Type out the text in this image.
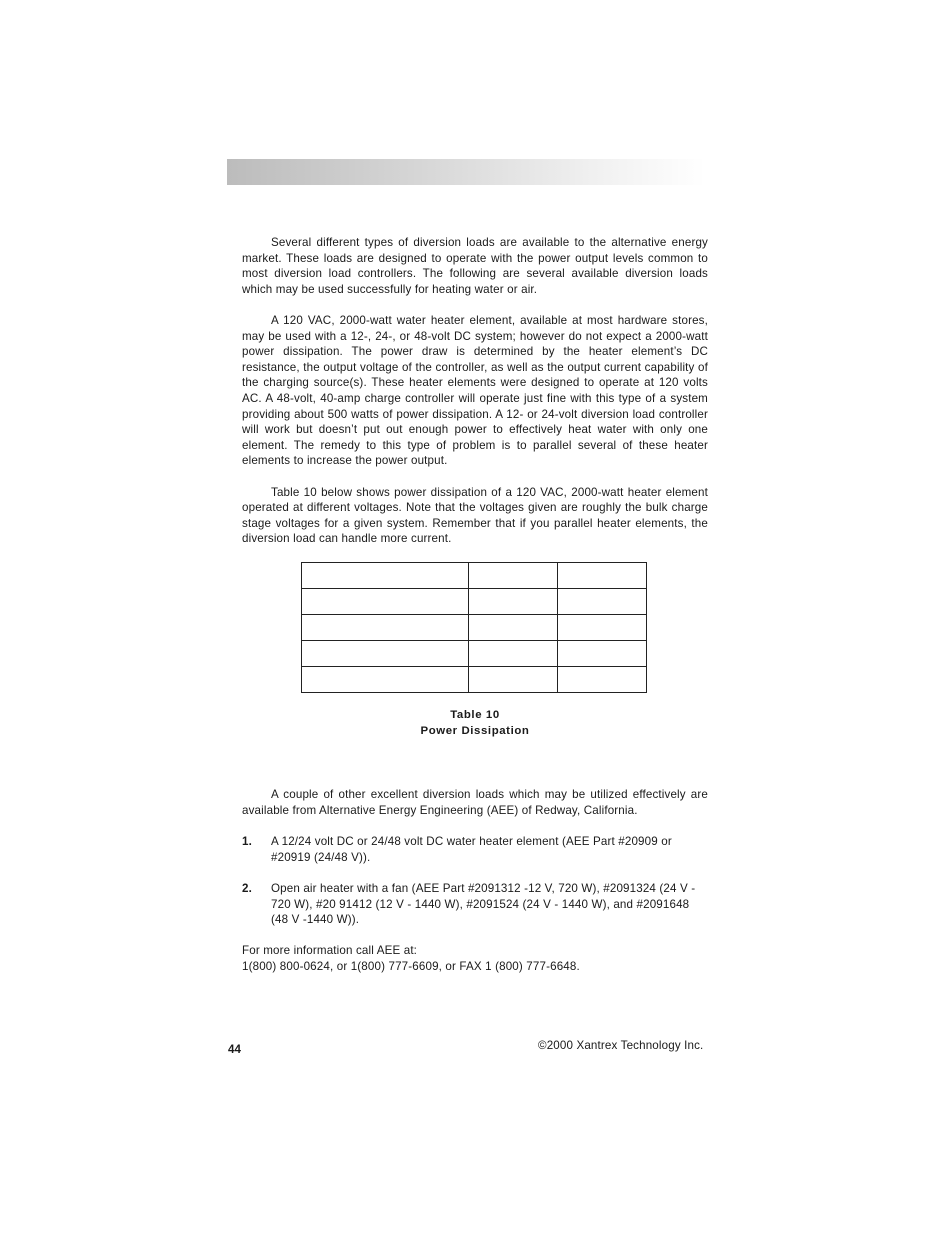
Several different types of diversion loads are available to the alternative energy market. These loads are designed to operate with the power output levels common to most diversion load controllers. The following are several available diversion loads which may be used successfully for heating water or air.

A 120 VAC, 2000-watt water heater element, available at most hardware stores, may be used with a 12-, 24-, or 48-volt DC system; however do not expect a 2000-watt power dissipation. The power draw is determined by the heater element’s DC resistance, the output voltage of the controller, as well as the output current capability of the charging source(s). These heater elements were designed to operate at 120 volts AC. A 48-volt, 40-amp charge controller will operate just fine with this type of a system providing about 500 watts of power dissipation. A 12- or 24-volt diversion load controller will work but doesn’t put out enough power to effectively heat water with only one element. The remedy to this type of problem is to parallel several of these heater elements to increase the power output.

Table 10 below shows power dissipation of a 120 VAC, 2000-watt heater element operated at different voltages. Note that the voltages given are roughly the bulk charge stage voltages for a given system. Remember that if you parallel heater elements, the diversion load can handle more current.

Table 10
Power Dissipation

A couple of other excellent diversion loads which may be utilized effectively are available from Alternative Energy Engineering (AEE) of Redway, California.

1.	A 12/24 volt DC or 24/48 volt DC water heater element (AEE Part #20909 or #20919 (24/48 V)).
2.	Open air heater with a fan (AEE Part #2091312 -12 V, 720 W), #2091324 (24 V - 720 W), #20 91412 (12 V - 1440 W), #2091524 (24 V - 1440 W), and #2091648 (48 V -1440 W)).

For more information call AEE at:

1(800) 800-0624, or 1(800) 777-6609, or FAX 1 (800) 777-6648.

44	©2000 Xantrex Technology Inc.
